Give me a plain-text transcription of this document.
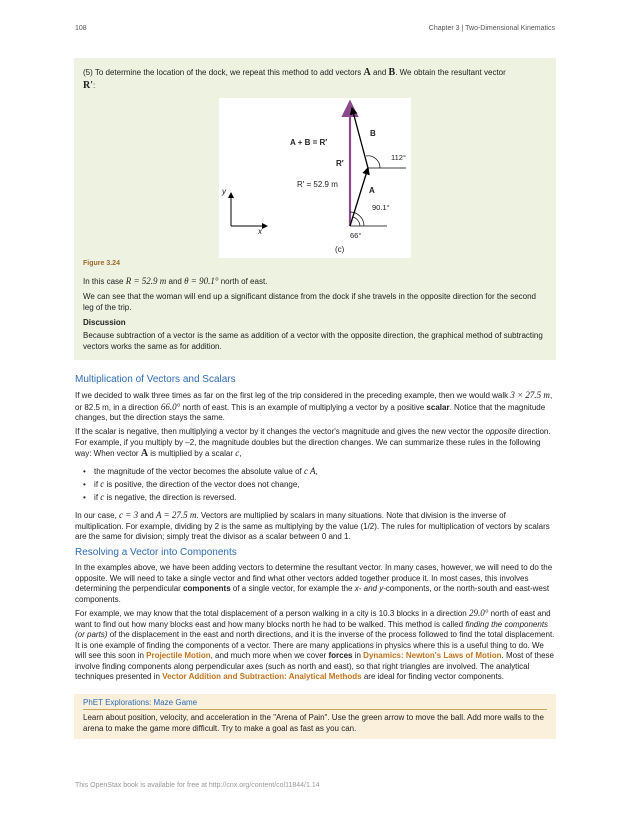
108	Chapter 3 | Two-Dimensional Kinematics
(5) To determine the location of the dock, we repeat this method to add vectors A and B. We obtain the resultant vector
R′:
A + B = R′
B
R′
R′ = 52.9 m
A
112°
90.1°
66°
y
x
(c)
Figure 3.24
In this case R = 52.9 m and θ = 90.1° north of east.
We can see that the woman will end up a significant distance from the dock if she travels in the opposite direction for the second leg of the trip.
Discussion
Because subtraction of a vector is the same as addition of a vector with the opposite direction, the graphical method of subtracting vectors works the same as for addition.
Multiplication of Vectors and Scalars
If we decided to walk three times as far on the first leg of the trip considered in the preceding example, then we would walk 3 × 27.5 m, or 82.5 m, in a direction 66.0° north of east. This is an example of multiplying a vector by a positive scalar. Notice that the magnitude changes, but the direction stays the same.
If the scalar is negative, then multiplying a vector by it changes the vector's magnitude and gives the new vector the opposite direction. For example, if you multiply by –2, the magnitude doubles but the direction changes. We can summarize these rules in the following way: When vector A is multiplied by a scalar c,
• the magnitude of the vector becomes the absolute value of c A,
• if c is positive, the direction of the vector does not change,
• if c is negative, the direction is reversed.
In our case, c = 3 and A = 27.5 m. Vectors are multiplied by scalars in many situations. Note that division is the inverse of multiplication. For example, dividing by 2 is the same as multiplying by the value (1/2). The rules for multiplication of vectors by scalars are the same for division; simply treat the divisor as a scalar between 0 and 1.
Resolving a Vector into Components
In the examples above, we have been adding vectors to determine the resultant vector. In many cases, however, we will need to do the opposite. We will need to take a single vector and find what other vectors added together produce it. In most cases, this involves determining the perpendicular components of a single vector, for example the x- and y-components, or the north-south and east-west components.
For example, we may know that the total displacement of a person walking in a city is 10.3 blocks in a direction 29.0° north of east and want to find out how many blocks east and how many blocks north he had to be walked. This method is called finding the components (or parts) of the displacement in the east and north directions, and it is the inverse of the process followed to find the total displacement. It is one example of finding the components of a vector. There are many applications in physics where this is a useful thing to do. We will see this soon in Projectile Motion, and much more when we cover forces in Dynamics: Newton's Laws of Motion. Most of these involve finding components along perpendicular axes (such as north and east), so that right triangles are involved. The analytical techniques presented in Vector Addition and Subtraction: Analytical Methods are ideal for finding vector components.
PhET Explorations: Maze Game
Learn about position, velocity, and acceleration in the "Arena of Pain". Use the green arrow to move the ball. Add more walls to the arena to make the game more difficult. Try to make a goal as fast as you can.
This OpenStax book is available for free at http://cnx.org/content/col11844/1.14
